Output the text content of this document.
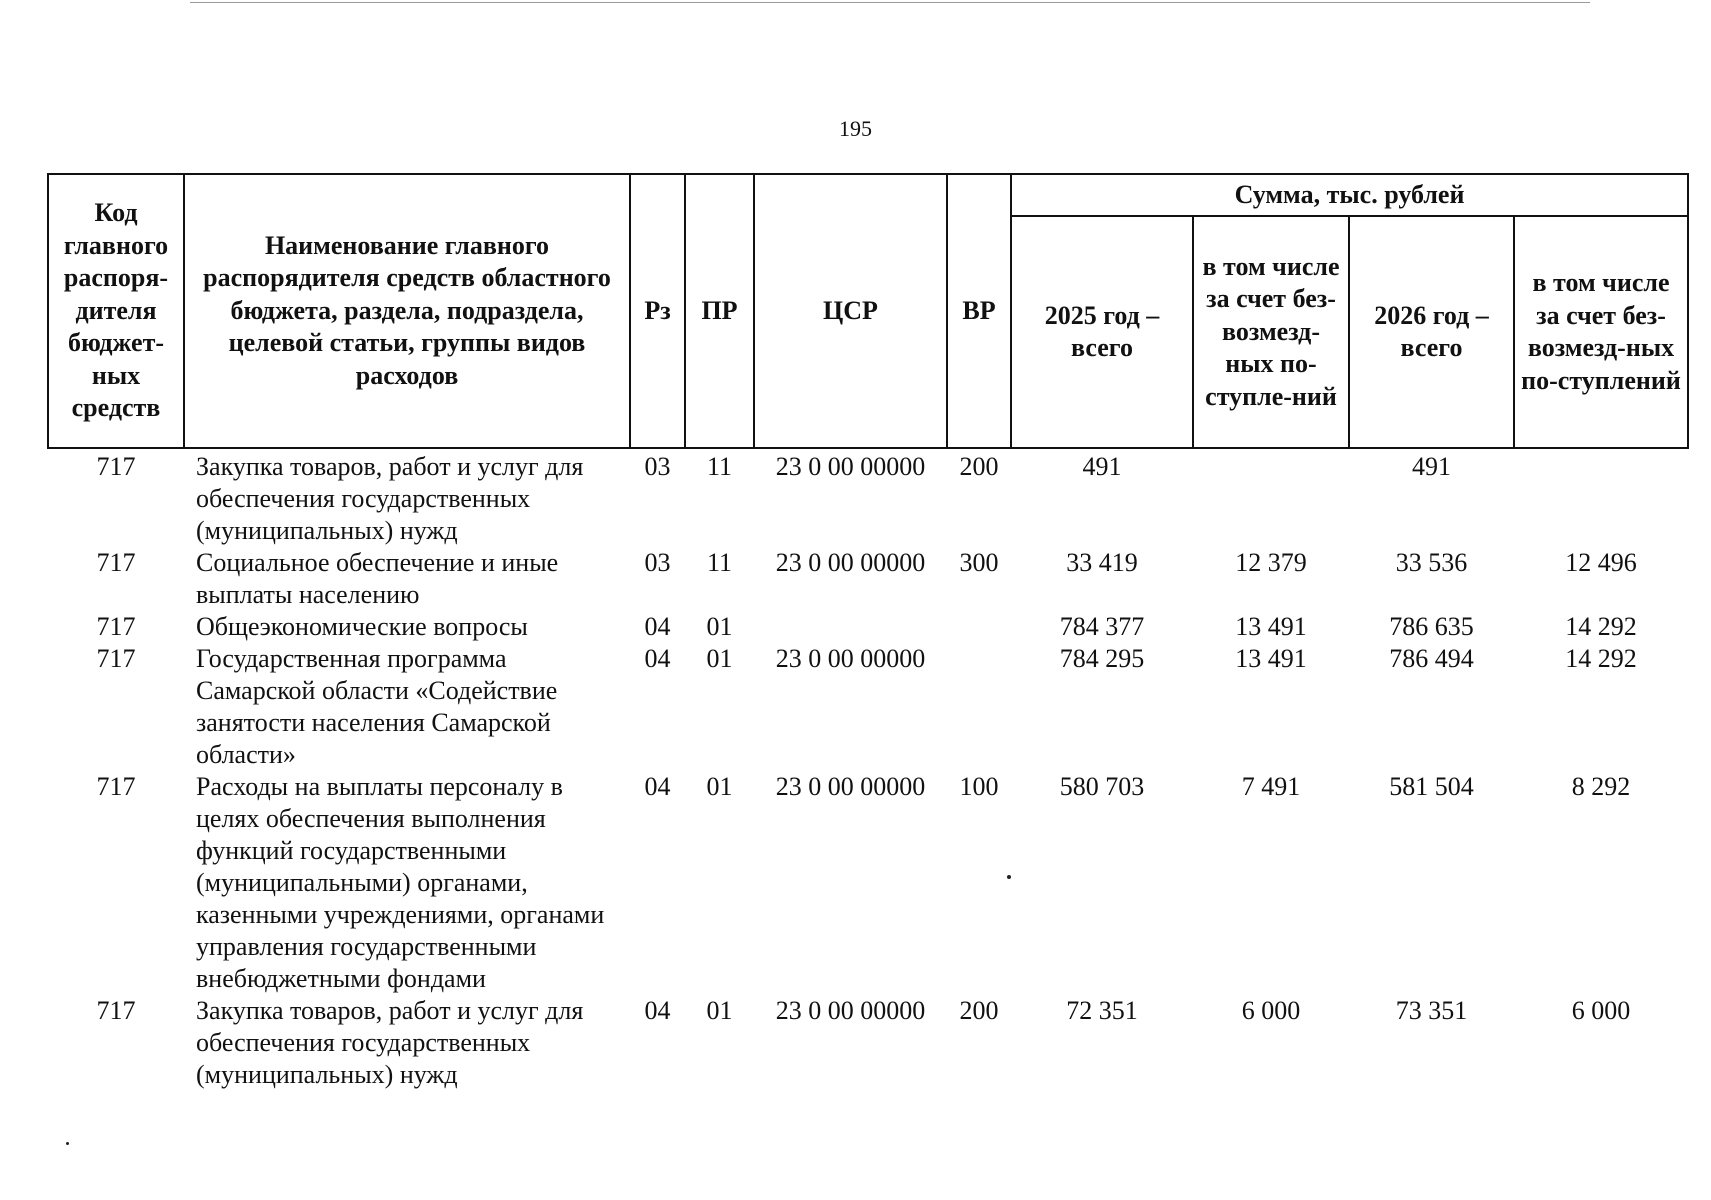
195
Код главного распоря-дителя бюджет-ных средств	Наименование главного распорядителя средств областного бюджета, раздела, подраздела, целевой статьи, группы видов расходов	Рз	ПР	ЦСР	ВР	Сумма, тыс. рублей			
						2025 год – всего	в том числе за счет без-возмезд-ных по-ступле-ний	2026 год – всего	в том числе за счет без-возмезд-ных по-ступлений
717	Закупка товаров, работ и услуг для обеспечения государственных (муниципальных) нужд	03	11	23 0 00 00000	200	491		491	
717	Социальное обеспечение и иные выплаты населению	03	11	23 0 00 00000	300	33 419	12 379	33 536	12 496
717	Общеэкономические вопросы	04	01			784 377	13 491	786 635	14 292
717	Государственная программа Самарской области «Содействие занятости населения Самарской области»	04	01	23 0 00 00000		784 295	13 491	786 494	14 292
717	Расходы на выплаты персоналу в целях обеспечения выполнения функций государственными (муниципальными) органами, казенными учреждениями, органами управления государственными внебюджетными фондами	04	01	23 0 00 00000	100	580 703	7 491	581 504	8 292
717	Закупка товаров, работ и услуг для обеспечения государственных (муниципальных) нужд	04	01	23 0 00 00000	200	72 351	6 000	73 351	6 000
